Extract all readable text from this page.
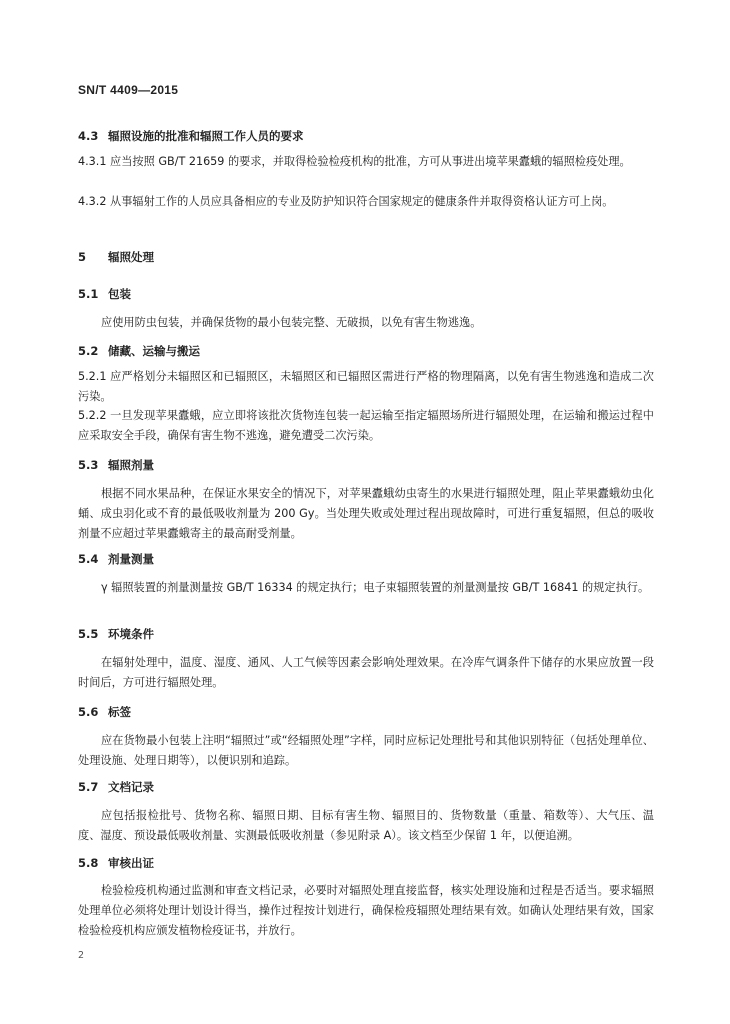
SN/T 4409—2015
4.3 辐照设施的批准和辐照工作人员的要求
4.3.1 应当按照 GB/T 21659 的要求，并取得检验检疫机构的批准，方可从事进出境苹果蠹蛾的辐照检疫处理。
4.3.2 从事辐射工作的人员应具备相应的专业及防护知识符合国家规定的健康条件并取得资格认证方可上岗。
5 辐照处理
5.1 包装
应使用防虫包装，并确保货物的最小包装完整、无破损，以免有害生物逃逸。
5.2 储藏、运输与搬运
5.2.1 应严格划分未辐照区和已辐照区，未辐照区和已辐照区需进行严格的物理隔离，以免有害生物逃逸和造成二次污染。
5.2.2 一旦发现苹果蠹蛾，应立即将该批次货物连包装一起运输至指定辐照场所进行辐照处理，在运输和搬运过程中应采取安全手段，确保有害生物不逃逸，避免遭受二次污染。
5.3 辐照剂量
根据不同水果品种，在保证水果安全的情况下，对苹果蠹蛾幼虫寄生的水果进行辐照处理，阻止苹果蠹蛾幼虫化蛹、成虫羽化或不育的最低吸收剂量为 200 Gy。当处理失败或处理过程出现故障时，可进行重复辐照，但总的吸收剂量不应超过苹果蠹蛾寄主的最高耐受剂量。
5.4 剂量测量
γ 辐照装置的剂量测量按 GB/T 16334 的规定执行；电子束辐照装置的剂量测量按 GB/T 16841 的规定执行。
5.5 环境条件
在辐射处理中，温度、湿度、通风、人工气候等因素会影响处理效果。在冷库气调条件下储存的水果应放置一段时间后，方可进行辐照处理。
5.6 标签
应在货物最小包装上注明“辐照过”或“经辐照处理”字样，同时应标记处理批号和其他识别特征（包括处理单位、处理设施、处理日期等），以便识别和追踪。
5.7 文档记录
应包括报检批号、货物名称、辐照日期、目标有害生物、辐照目的、货物数量（重量、箱数等）、大气压、温度、湿度、预设最低吸收剂量、实测最低吸收剂量（参见附录 A）。该文档至少保留 1 年，以便追溯。
5.8 审核出证
检验检疫机构通过监测和审查文档记录，必要时对辐照处理直接监督，核实处理设施和过程是否适当。要求辐照处理单位必须将处理计划设计得当，操作过程按计划进行，确保检疫辐照处理结果有效。如确认处理结果有效，国家检验检疫机构应颁发植物检疫证书，并放行。
2
